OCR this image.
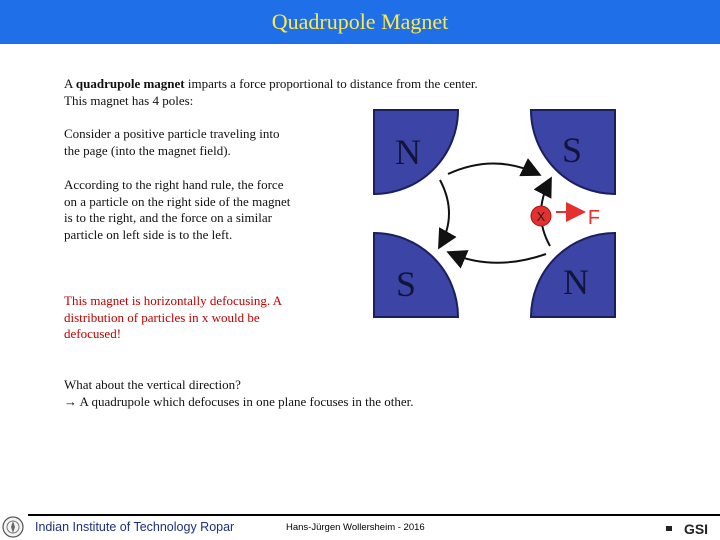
Quadrupole Magnet
A quadrupole magnet imparts a force proportional to distance from the center.
This magnet has 4 poles:
Consider a positive particle traveling into the page (into the magnet field).
According to the right hand rule, the force on a particle on the right side of the magnet is to the right, and the force on a similar particle on left side is to the left.
This magnet is horizontally defocusing. A distribution of particles in x would be defocused!
What about the vertical direction?
→ A quadrupole which defocuses in one plane focuses in the other.
N	S
S	N
X F
Indian Institute of Technology Ropar	Hans-Jürgen Wollersheim - 2016	GSI
